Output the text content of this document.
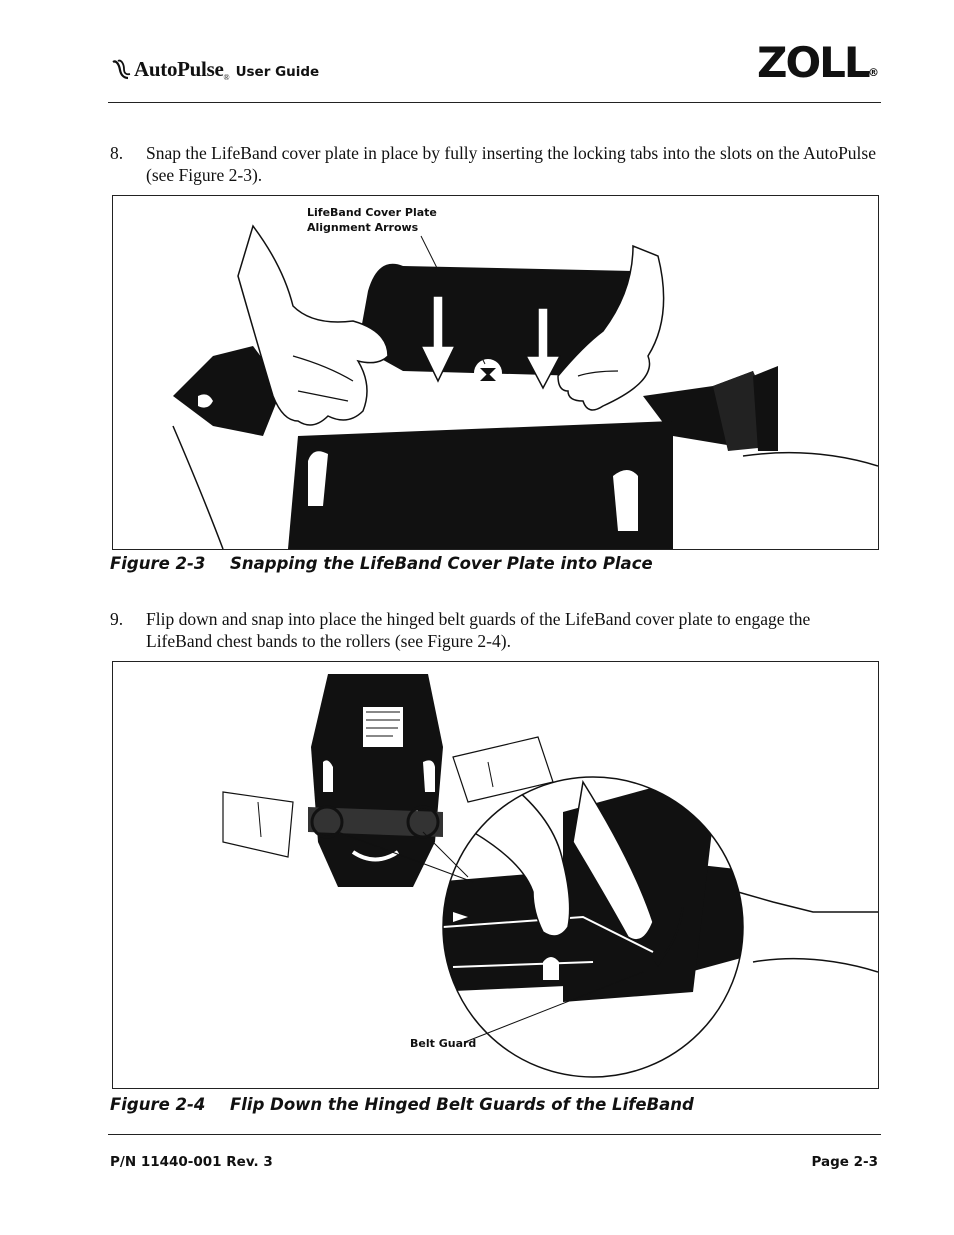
AutoPulse ® User Guide	ZOLL ®
8. Snap the LifeBand cover plate in place by fully inserting the locking tabs into the slots on the AutoPulse (see Figure 2-3).
LifeBand Cover Plate
Alignment Arrows
Figure 2-3 Snapping the LifeBand Cover Plate into Place
9. Flip down and snap into place the hinged belt guards of the LifeBand cover plate to engage the LifeBand chest bands to the rollers (see Figure 2-4).
Belt Guard
Figure 2-4 Flip Down the Hinged Belt Guards of the LifeBand
P/N 11440-001 Rev. 3	Page 2-3
